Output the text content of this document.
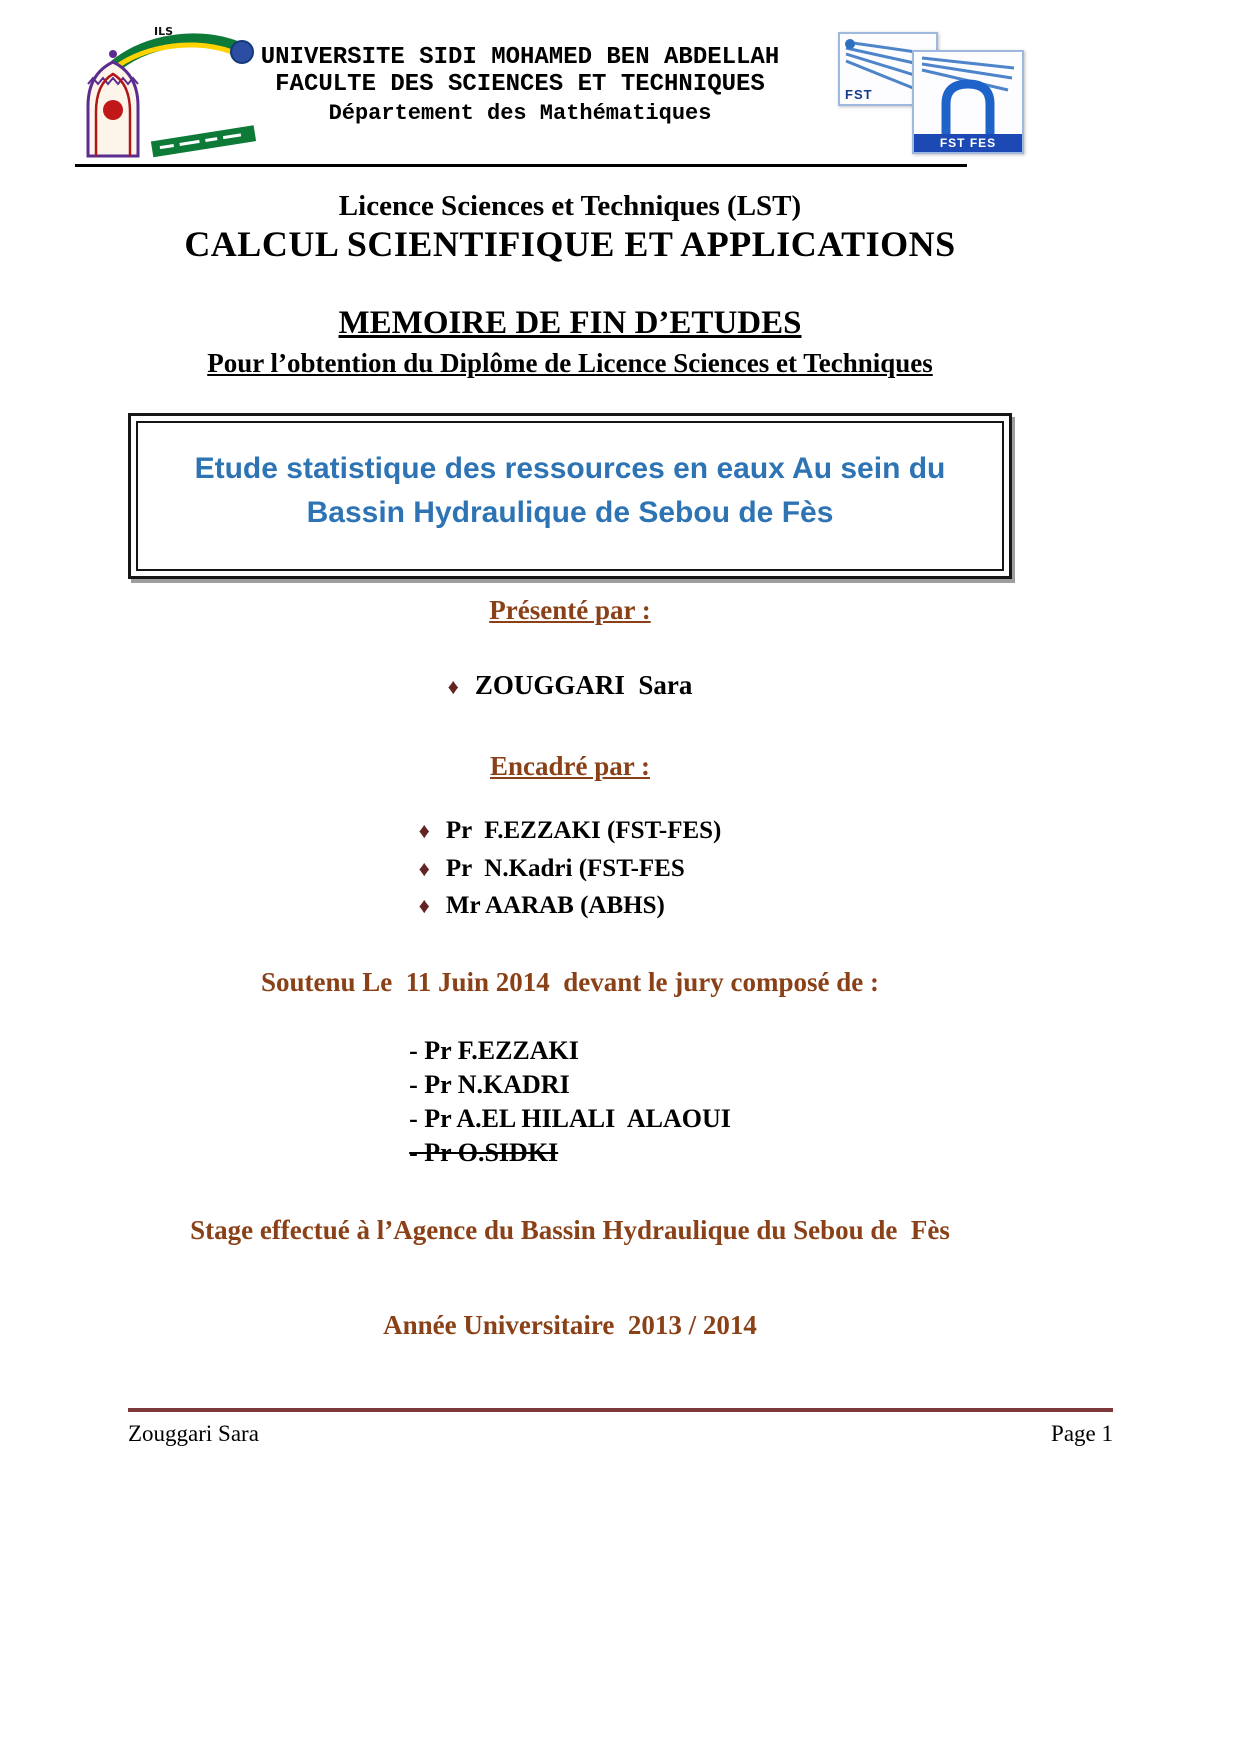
ILS
UNIVERSITE SIDI MOHAMED BEN ABDELLAH
FACULTE DES SCIENCES ET TECHNIQUES
Département des Mathématiques
FST
FST FES
Licence Sciences et Techniques (LST)
CALCUL SCIENTIFIQUE ET APPLICATIONS
MEMOIRE DE FIN D’ETUDES
Pour l’obtention du Diplôme de Licence Sciences et Techniques
Etude statistique des ressources en eaux Au sein du Bassin Hydraulique de Sebou de Fès
Présenté par :
♦ ZOUGGARI  Sara
Encadré par :
♦ Pr  F.EZZAKI (FST-FES)
♦ Pr  N.Kadri (FST-FES
♦ Mr AARAB (ABHS)
Soutenu Le  11 Juin 2014  devant le jury composé de :
- Pr F.EZZAKI
- Pr N.KADRI
- Pr A.EL HILALI  ALAOUI
- Pr O.SIDKI
Stage effectué à l’Agence du Bassin Hydraulique du Sebou de  Fès
Année Universitaire  2013 / 2014
Zouggari Sara	Page 1
